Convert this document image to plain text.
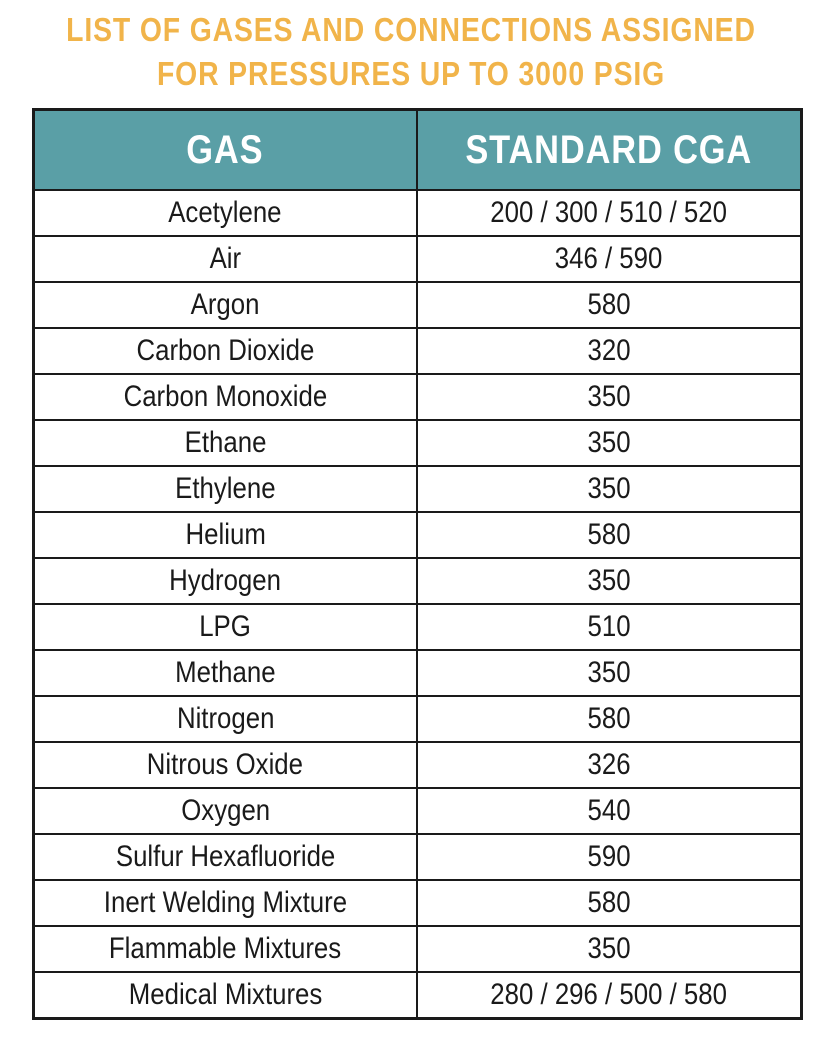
LIST OF GASES AND CONNECTIONS ASSIGNED
FOR PRESSURES UP TO 3000 PSIG
GAS	STANDARD CGA
Acetylene	200 / 300 / 510 / 520
Air	346 / 590
Argon	580
Carbon Dioxide	320
Carbon Monoxide	350
Ethane	350
Ethylene	350
Helium	580
Hydrogen	350
LPG	510
Methane	350
Nitrogen	580
Nitrous Oxide	326
Oxygen	540
Sulfur Hexafluoride	590
Inert Welding Mixture	580
Flammable Mixtures	350
Medical Mixtures	280 / 296 / 500 / 580
